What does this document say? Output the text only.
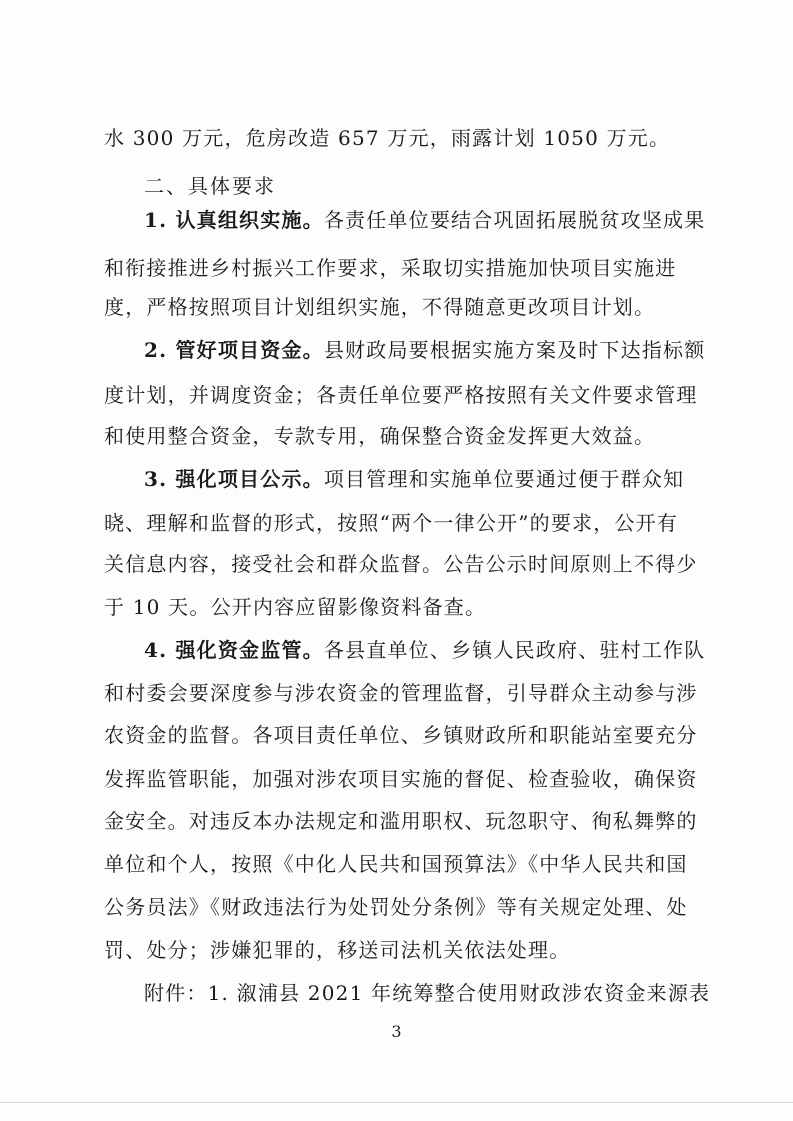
水 300 万元，危房改造 657 万元，雨露计划 1050 万元。
二、具体要求
1. 认真组织实施。各责任单位要结合巩固拓展脱贫攻坚成果
和衔接推进乡村振兴工作要求，采取切实措施加快项目实施进
度，严格按照项目计划组织实施，不得随意更改项目计划。
2. 管好项目资金。县财政局要根据实施方案及时下达指标额
度计划，并调度资金；各责任单位要严格按照有关文件要求管理
和使用整合资金，专款专用，确保整合资金发挥更大效益。
3. 强化项目公示。项目管理和实施单位要通过便于群众知
晓、理解和监督的形式，按照“两个一律公开”的要求，公开有
关信息内容，接受社会和群众监督。公告公示时间原则上不得少
于 10 天。公开内容应留影像资料备查。
4. 强化资金监管。各县直单位、乡镇人民政府、驻村工作队
和村委会要深度参与涉农资金的管理监督，引导群众主动参与涉
农资金的监督。各项目责任单位、乡镇财政所和职能站室要充分
发挥监管职能，加强对涉农项目实施的督促、检查验收，确保资
金安全。对违反本办法规定和滥用职权、玩忽职守、徇私舞弊的
单位和个人，按照《中化人民共和国预算法》《中华人民共和国
公务员法》《财政违法行为处罚处分条例》等有关规定处理、处
罚、处分；涉嫌犯罪的，移送司法机关依法处理。
附件：1. 溆浦县 2021 年统筹整合使用财政涉农资金来源表
3
